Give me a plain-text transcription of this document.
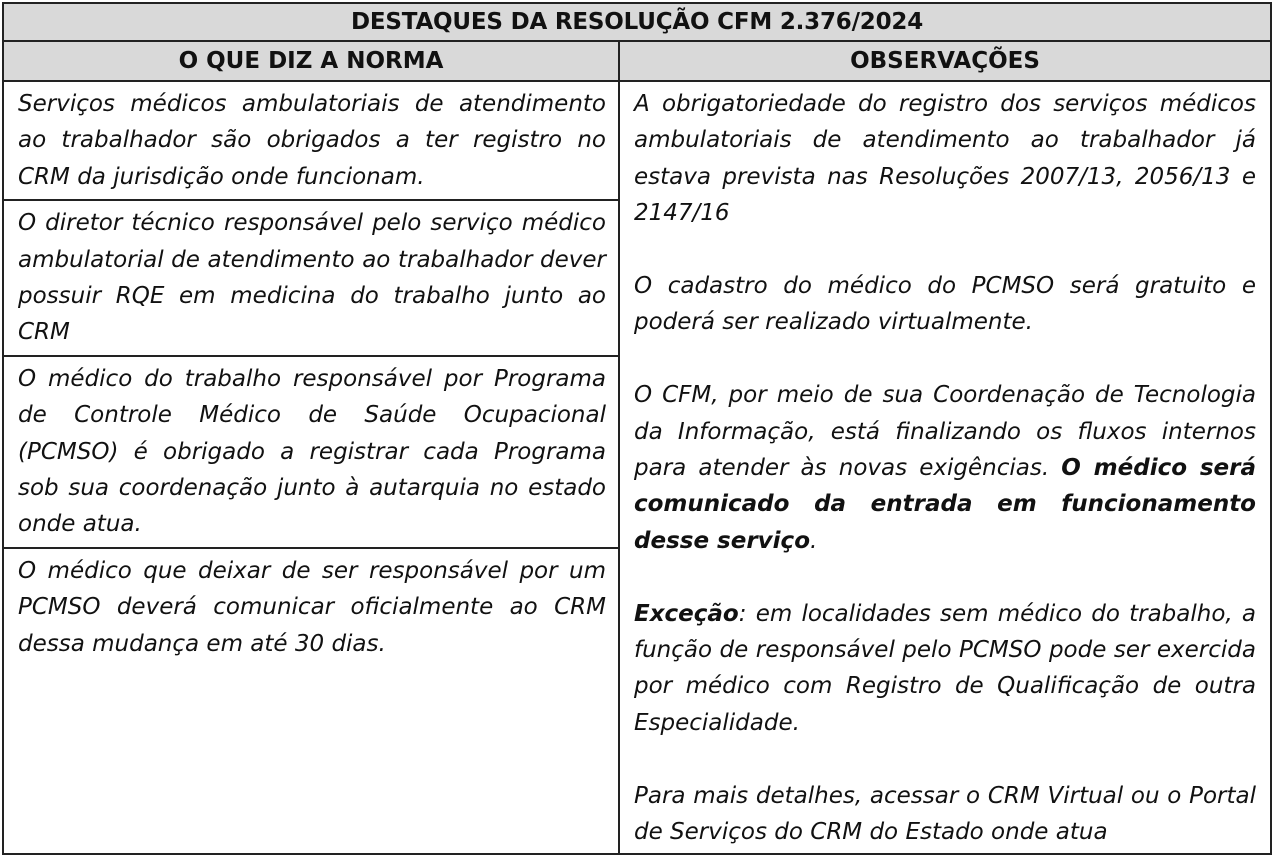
DESTAQUES DA RESOLUÇÃO CFM 2.376/2024
O QUE DIZ A NORMA	OBSERVAÇÕES
Serviços médicos ambulatoriais de atendimento ao trabalhador são obrigados a ter registro no CRM da jurisdição onde funcionam.
O diretor técnico responsável pelo serviço médico ambulatorial de atendimento ao trabalhador dever possuir RQE em medicina do trabalho junto ao CRM
O médico do trabalho responsável por Programa de Controle Médico de Saúde Ocupacional (PCMSO) é obrigado a registrar cada Programa sob sua coordenação junto à autarquia no estado onde atua.
O médico que deixar de ser responsável por um PCMSO deverá comunicar oficialmente ao CRM dessa mudança em até 30 dias.

A obrigatoriedade do registro dos serviços médicos ambulatoriais de atendimento ao trabalhador já estava prevista nas Resoluções 2007/13, 2056/13 e 2147/16

O cadastro do médico do PCMSO será gratuito e poderá ser realizado virtualmente.

O CFM, por meio de sua Coordenação de Tecnologia da Informação, está finalizando os fluxos internos para atender às novas exigências. O médico será comunicado da entrada em funcionamento desse serviço.

Exceção: em localidades sem médico do trabalho, a função de responsável pelo PCMSO pode ser exercida por médico com Registro de Qualificação de outra Especialidade.

Para mais detalhes, acessar o CRM Virtual ou o Portal de Serviços do CRM do Estado onde atua
